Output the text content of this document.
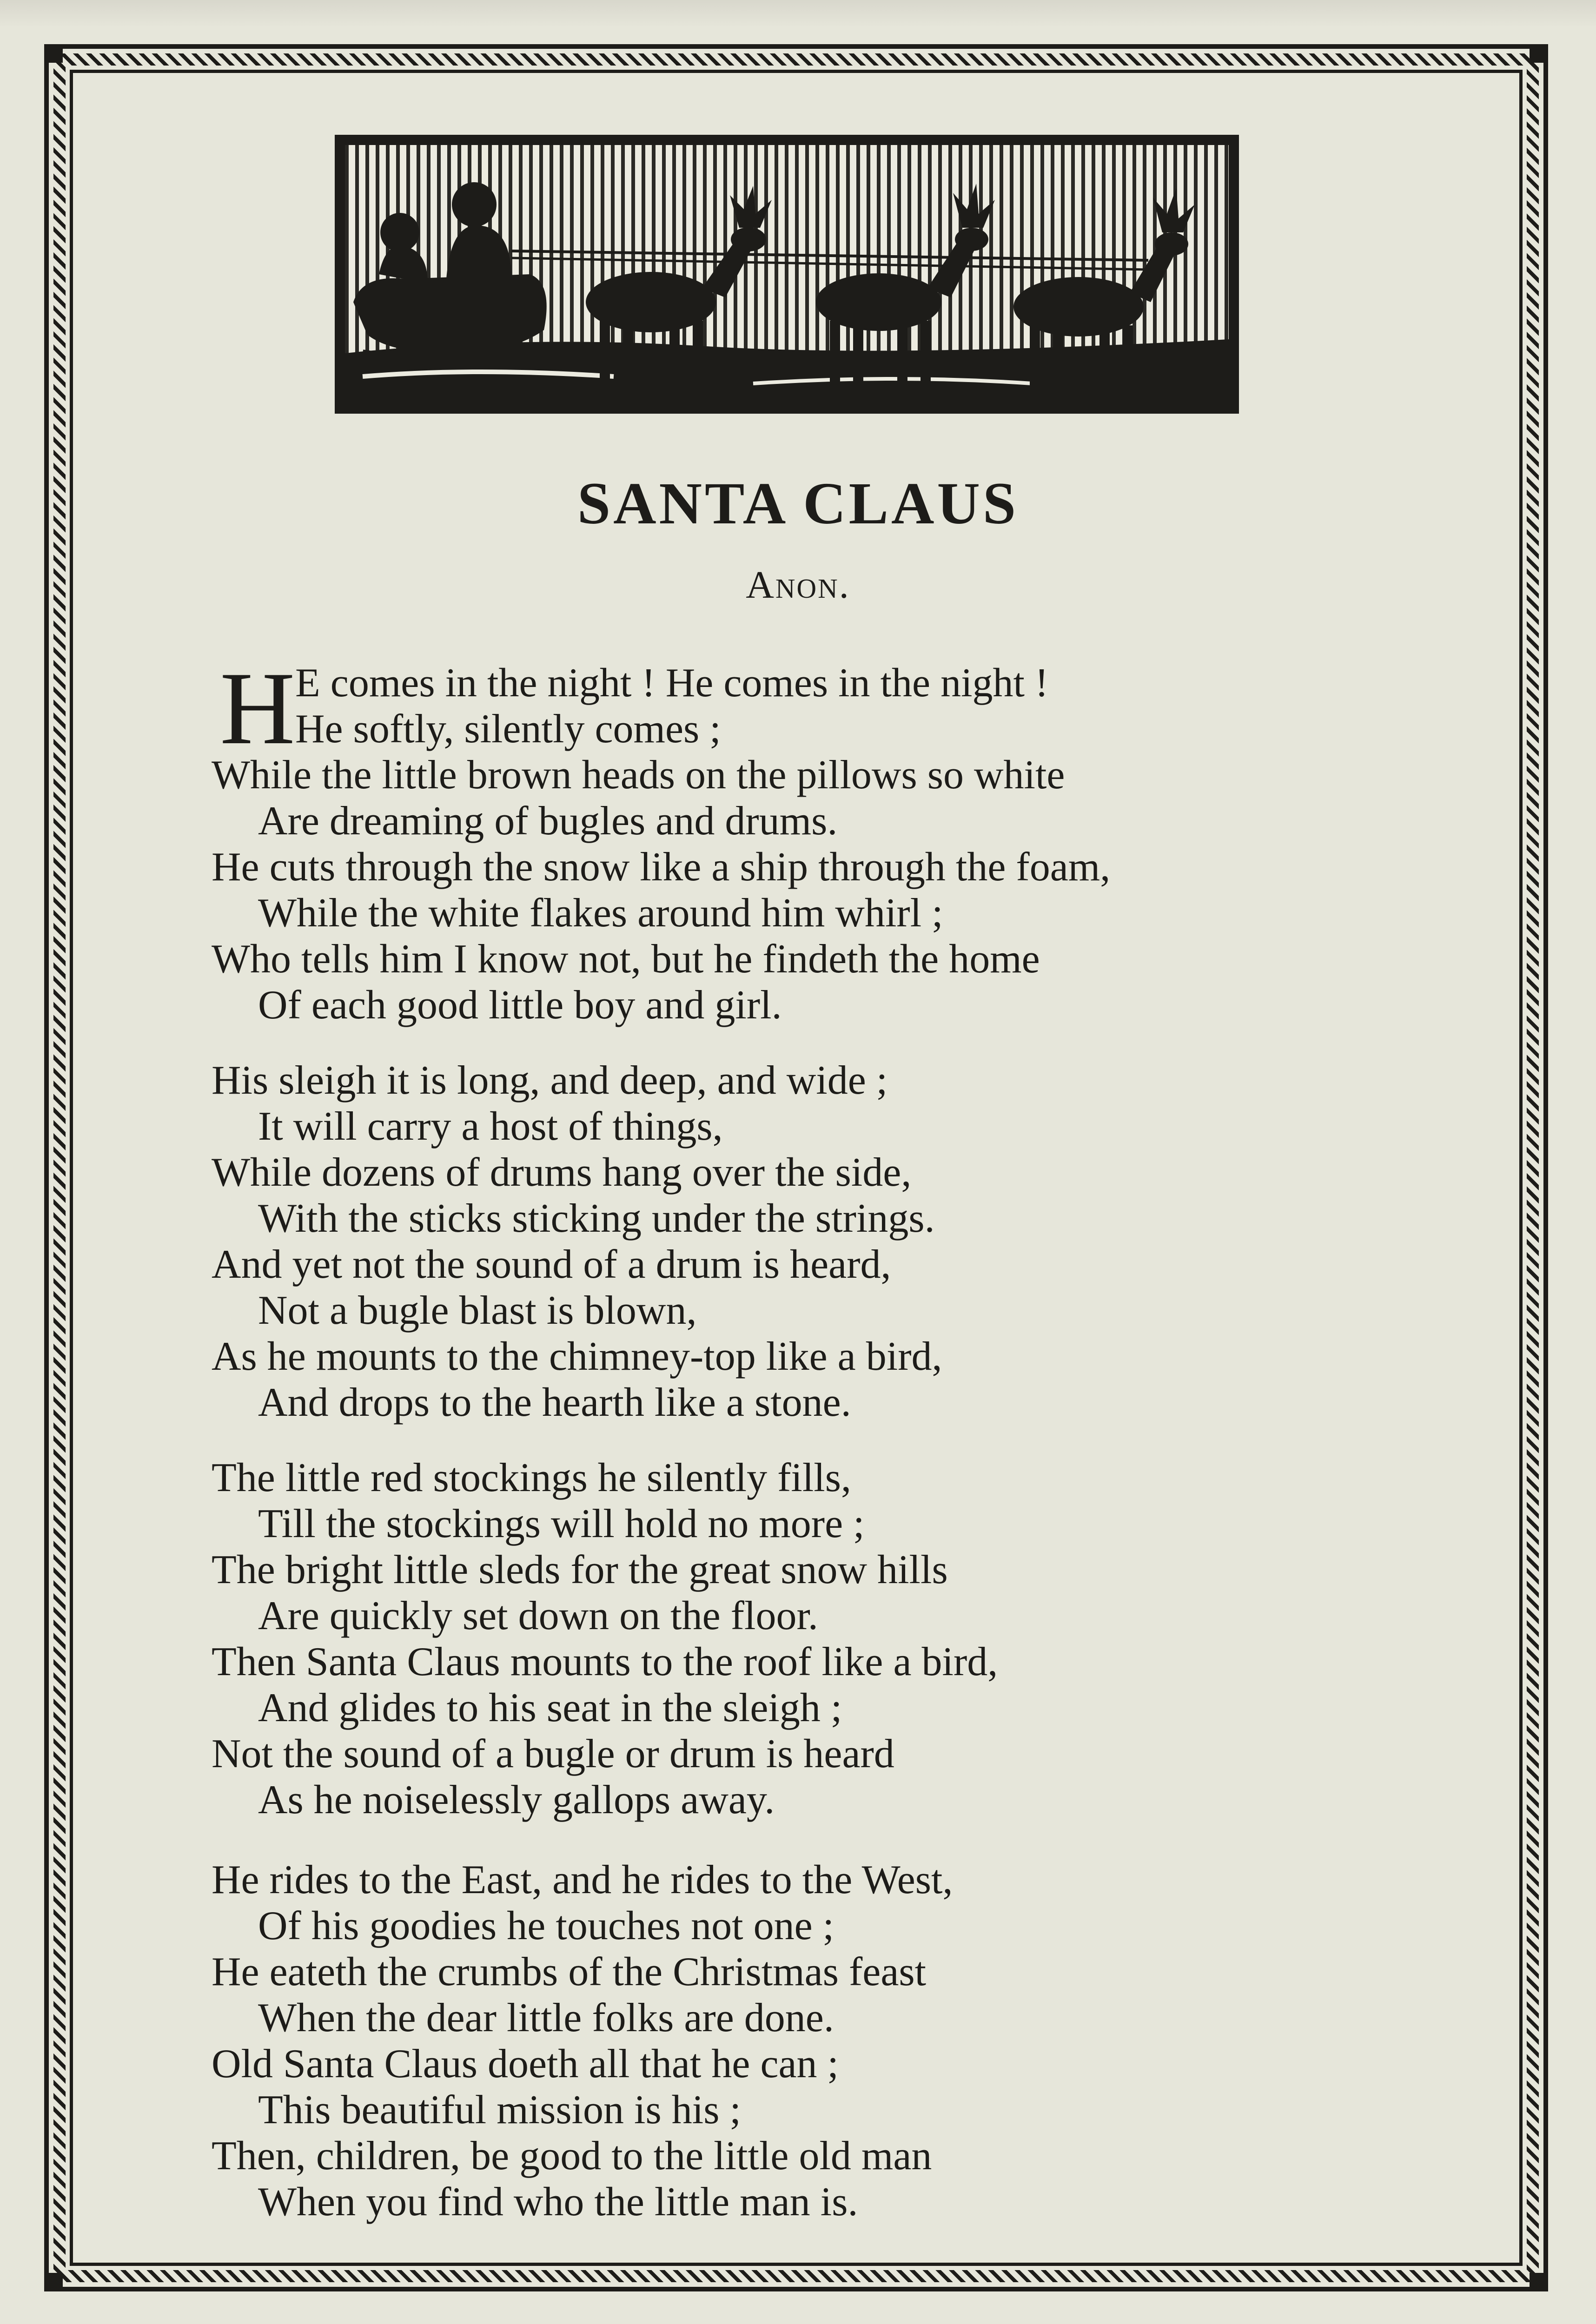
SANTA CLAUS
Anon.
H E comes in the night ! He comes in the night !
He softly, silently comes ;
While the little brown heads on the pillows so white
Are dreaming of bugles and drums.
He cuts through the snow like a ship through the foam,
While the white flakes around him whirl ;
Who tells him I know not, but he findeth the home
Of each good little boy and girl.
His sleigh it is long, and deep, and wide ;
It will carry a host of things,
While dozens of drums hang over the side,
With the sticks sticking under the strings.
And yet not the sound of a drum is heard,
Not a bugle blast is blown,
As he mounts to the chimney-top like a bird,
And drops to the hearth like a stone.
The little red stockings he silently fills,
Till the stockings will hold no more ;
The bright little sleds for the great snow hills
Are quickly set down on the floor.
Then Santa Claus mounts to the roof like a bird,
And glides to his seat in the sleigh ;
Not the sound of a bugle or drum is heard
As he noiselessly gallops away.
He rides to the East, and he rides to the West,
Of his goodies he touches not one ;
He eateth the crumbs of the Christmas feast
When the dear little folks are done.
Old Santa Claus doeth all that he can ;
This beautiful mission is his ;
Then, children, be good to the little old man
When you find who the little man is.
